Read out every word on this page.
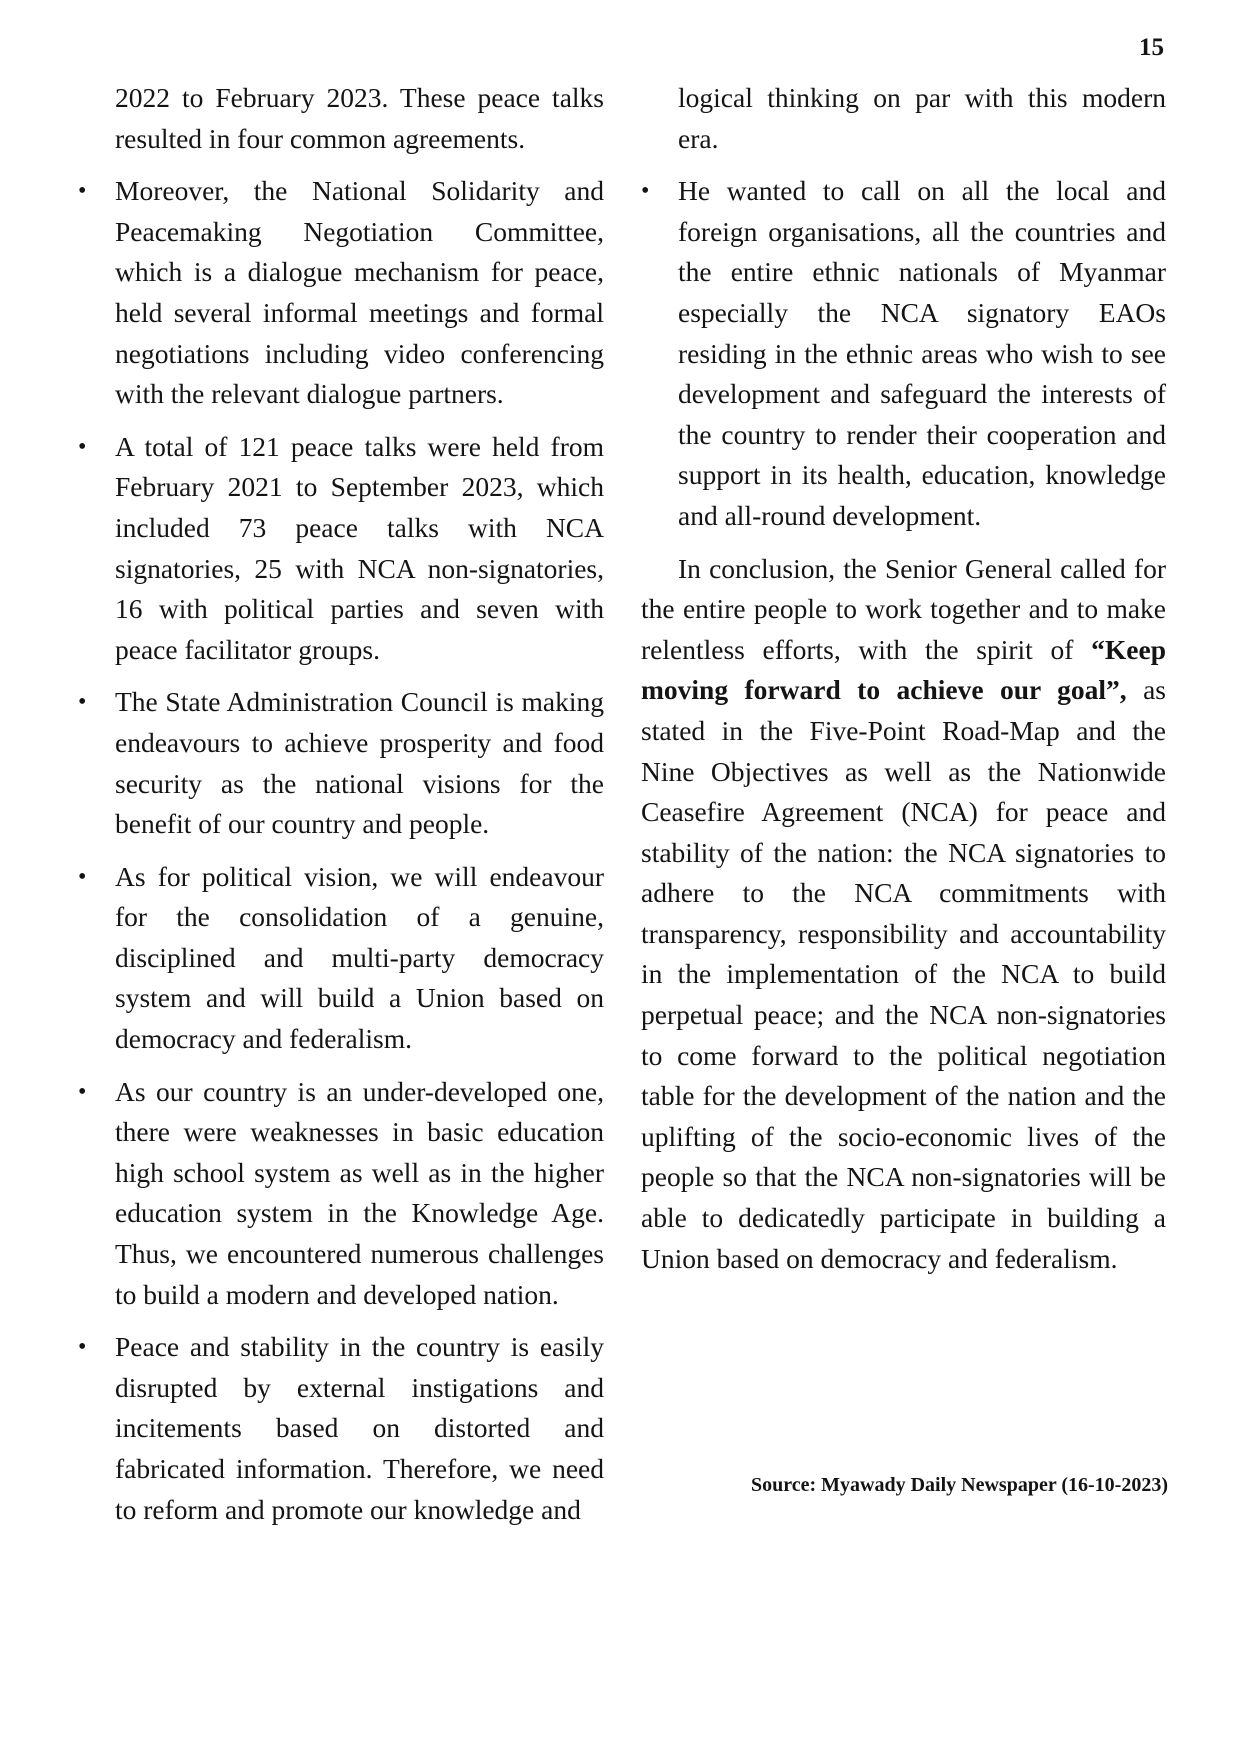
15

2022 to February 2023. These peace talks resulted in four common agreements.

•	Moreover, the National Solidarity and Peacemaking Negotiation Committee, which is a dialogue mechanism for peace, held several informal meetings and formal negotiations including video conferencing with the relevant dialogue partners.
•	A total of 121 peace talks were held from February 2021 to September 2023, which included 73 peace talks with NCA signatories, 25 with NCA non-signatories, 16 with political parties and seven with peace facilitator groups.
•	The State Administration Council is making endeavours to achieve prosperity and food security as the national visions for the benefit of our country and people.
•	As for political vision, we will endeavour for the consolidation of a genuine, disciplined and multi-party democracy system and will build a Union based on democracy and federalism.
•	As our country is an under-developed one, there were weaknesses in basic education high school system as well as in the higher education system in the Knowledge Age. Thus, we encountered numerous challenges to build a modern and developed nation.
•	Peace and stability in the country is easily disrupted by external instigations and incitements based on distorted and fabricated information. Therefore, we need to reform and promote our knowledge and

logical thinking on par with this modern era.

•	He wanted to call on all the local and foreign organisations, all the countries and the entire ethnic nationals of Myanmar especially the NCA signatory EAOs residing in the ethnic areas who wish to see development and safeguard the interests of the country to render their cooperation and support in its health, education, knowledge and all-round development.

In conclusion, the Senior General called for the entire people to work together and to make relentless efforts, with the spirit of “Keep moving forward to achieve our goal”, as stated in the Five-Point Road-Map and the Nine Objectives as well as the Nationwide Ceasefire Agreement (NCA) for peace and stability of the nation: the NCA signatories to adhere to the NCA commitments with transparency, responsibility and accountability in the implementation of the NCA to build perpetual peace; and the NCA non-signatories to come forward to the political negotiation table for the development of the nation and the uplifting of the socio-economic lives of the people so that the NCA non-signatories will be able to dedicatedly participate in building a Union based on democracy and federalism.

Source: Myawady Daily Newspaper (16-10-2023)
